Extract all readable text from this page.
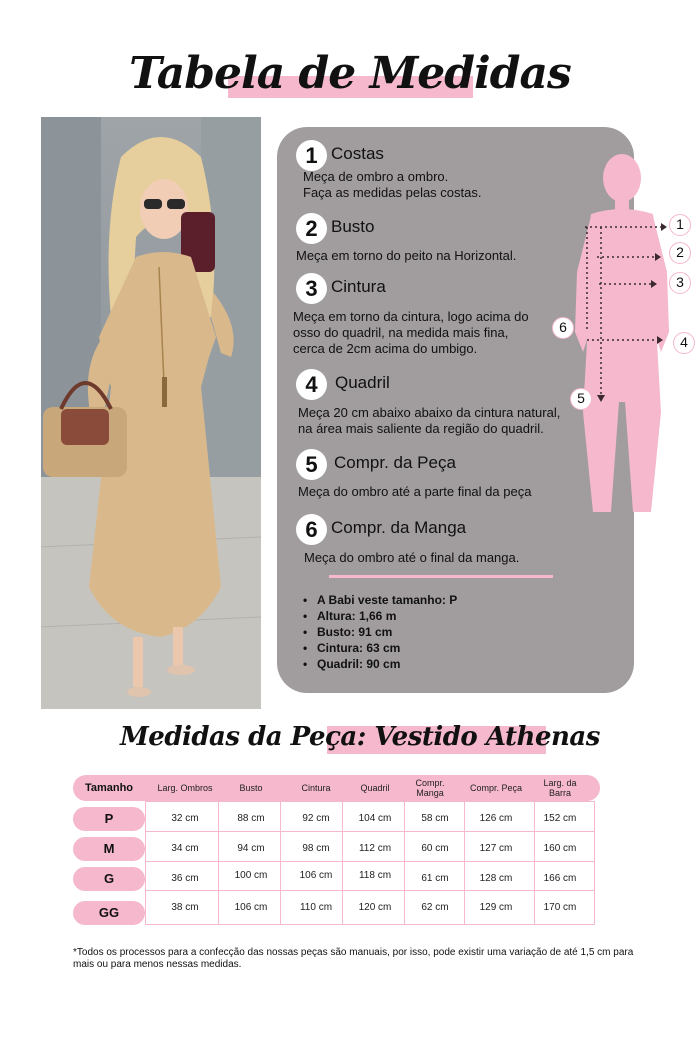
Tabela de Medidas
1 Costas
Meça de ombro a ombro.
Faça as medidas pelas costas.
2 Busto
Meça em torno do peito na Horizontal.
3 Cintura
Meça em torno da cintura, logo acima do
osso do quadril, na medida mais fina,
cerca de 2cm acima do umbigo.
4	Quadril
Meça 20 cm abaixo abaixo da cintura natural,
na área mais saliente da região do quadril.
5 Compr. da Peça
Meça do ombro até a parte final da peça
6 Compr. da Manga
Meça do ombro até o final da manga.
• A Babi veste tamanho: P
• Altura: 1,66 m
• Busto: 91 cm
• Cintura: 63 cm
• Quadril: 90 cm
1
2
3
4
5
6
Medidas da Peça: Vestido Athenas
Tamanho	Larg. Ombros	Busto	Cintura	Quadril	Compr. Manga	Compr. Peça	Larg. da Barra
P	32 cm	88 cm	92 cm	104 cm	58 cm	126 cm	152 cm
M	34 cm	94 cm	98 cm	112 cm	60 cm	127 cm	160 cm
G	36 cm	100 cm	106 cm	118 cm	61 cm	128 cm	166 cm
GG	38 cm	106 cm	110 cm	120 cm	62 cm	129 cm	170 cm
*Todos os processos para a confecção das nossas peças são manuais, por isso, pode existir uma variação de até 1,5 cm para mais ou para menos nessas medidas.
